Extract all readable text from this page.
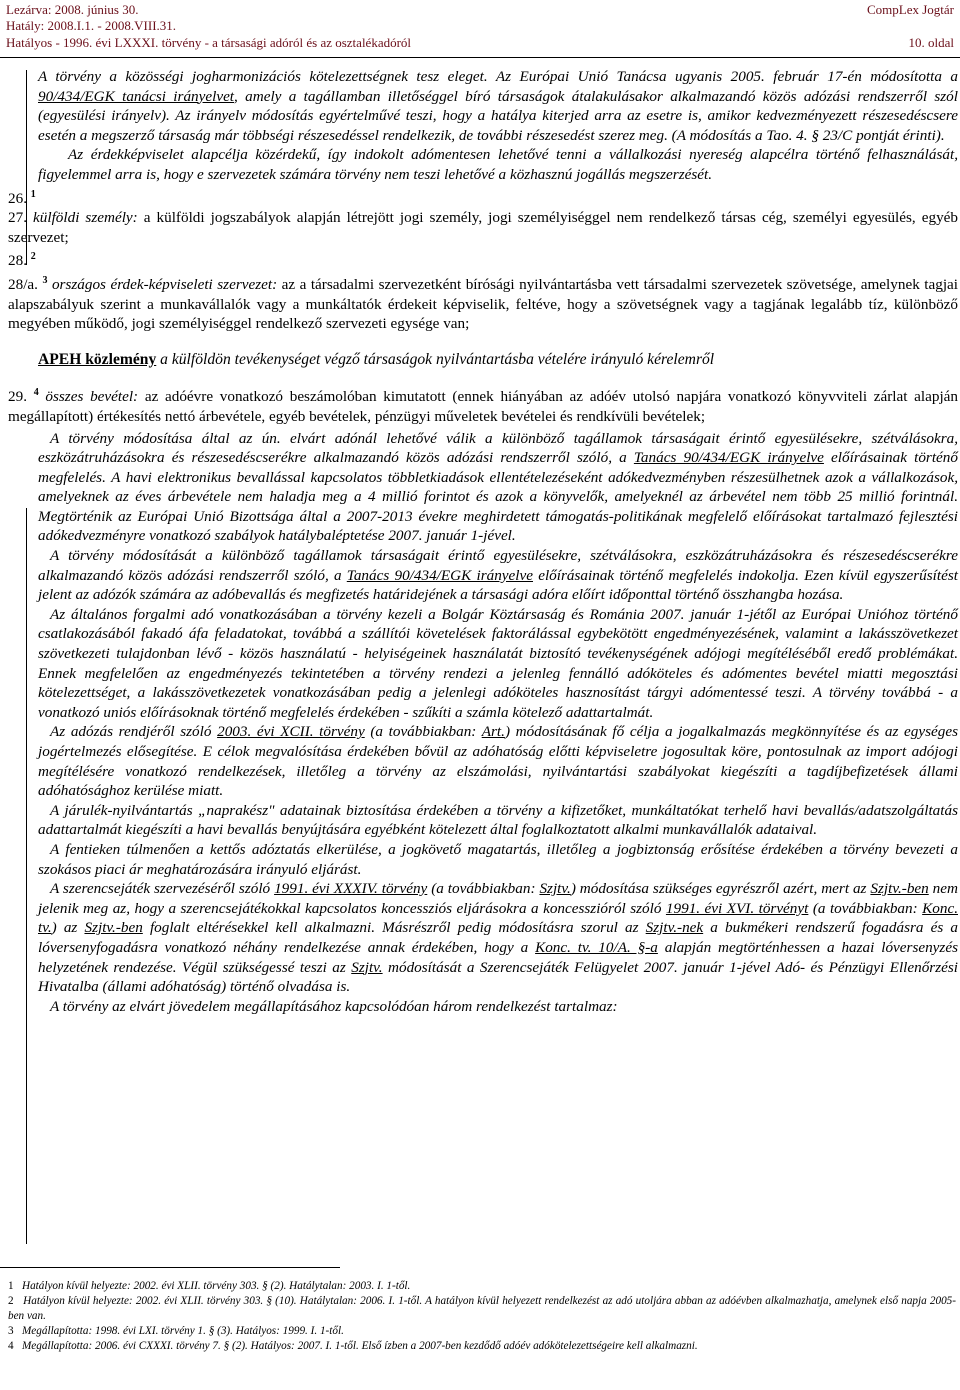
Lezárva: 2008. június 30.	CompLex Jogtár
Hatály: 2008.I.1. - 2008.VIII.31.
Hatályos - 1996. évi LXXXI. törvény - a társasági adóról és az osztalékadóról	10. oldal

A törvény a közösségi jogharmonizációs kötelezettségnek tesz eleget. Az Európai Unió Tanácsa ugyanis 2005. február 17-én módosította a 90/434/EGK tanácsi irányelvet, amely a tagállamban illetőséggel bíró társaságok átalakulásakor alkalmazandó közös adózási rendszerről szól (egyesülési irányelv). Az irányelv módosítás egyértelművé teszi, hogy a hatálya kiterjed arra az esetre is, amikor kedvezményezett részesedéscsere esetén a megszerző társaság már többségi részesedéssel rendelkezik, de további részesedést szerez meg. (A módosítás a Tao. 4. § 23/C pontját érinti).

Az érdekképviselet alapcélja közérdekű, így indokolt adómentesen lehetővé tenni a vállalkozási nyereség alapcélra történő felhasználását, figyelemmel arra is, hogy e szervezetek számára törvény nem teszi lehetővé a közhasznú jogállás megszerzését.

26. $^1$

27. külföldi személy: a külföldi jogszabályok alapján létrejött jogi személy, jogi személyiséggel nem rendelkező társas cég, személyi egyesülés, egyéb szervezet;

28. $^2$

28/a. $^3$ országos érdek-képviseleti szervezet: az a társadalmi szervezetként bírósági nyilvántartásba vett társadalmi szervezetek szövetsége, amelynek tagjai alapszabályuk szerint a munkavállalók vagy a munkáltatók érdekeit képviselik, feltéve, hogy a szövetségnek vagy a tagjának legalább tíz, különböző megyében működő, jogi személyiséggel rendelkező szervezeti egysége van;

APEH közlemény a külföldön tevékenységet végző társaságok nyilvántartásba vételére irányuló kérelemről

29. $^4$ összes bevétel: az adóévre vonatkozó beszámolóban kimutatott (ennek hiányában az adóév utolsó napjára vonatkozó könyvviteli zárlat alapján megállapított) értékesítés nettó árbevétele, egyéb bevételek, pénzügyi műveletek bevételei és rendkívüli bevételek;

A törvény módosítása által az ún. elvárt adónál lehetővé válik a különböző tagállamok társaságait érintő egyesülésekre, szétválásokra, eszközátruházásokra és részesedéscserékre alkalmazandó közös adózási rendszerről szóló, a Tanács 90/434/EGK irányelve előírásainak történő megfelelés. A havi elektronikus bevallással kapcsolatos többletkiadások ellentételezéseként adókedvezményben részesülhetnek azok a vállalkozások, amelyeknek az éves árbevétele nem haladja meg a 4 millió forintot és azok a könyvelők, amelyeknél az árbevétel nem több 25 millió forintnál. Megtörténik az Európai Unió Bizottsága által a 2007-2013 évekre meghirdetett támogatás-politikának megfelelő előírásokat tartalmazó fejlesztési adókedvezményre vonatkozó szabályok hatálybaléptetése 2007. január 1-jével.

A törvény módosítását a különböző tagállamok társaságait érintő egyesülésekre, szétválásokra, eszközátruházásokra és részesedéscserékre alkalmazandó közös adózási rendszerről szóló, a Tanács 90/434/EGK irányelve előírásainak történő megfelelés indokolja. Ezen kívül egyszerűsítést jelent az adózók számára az adóbevallás és megfizetés határidejének a társasági adóra előírt időponttal történő összhangba hozása.

Az általános forgalmi adó vonatkozásában a törvény kezeli a Bolgár Köztársaság és Románia 2007. január 1-jétől az Európai Unióhoz történő csatlakozásából fakadó áfa feladatokat, továbbá a szállítói követelések faktorálással egybekötött engedményezésének, valamint a lakásszövetkezet szövetkezeti tulajdonban lévő - közös használatú - helyiségeinek használatát biztosító tevékenységének adójogi megítéléséből eredő problémákat. Ennek megfelelően az engedményezés tekintetében a törvény rendezi a jelenleg fennálló adóköteles és adómentes bevétel miatti megosztási kötelezettséget, a lakásszövetkezetek vonatkozásában pedig a jelenlegi adóköteles hasznosítást tárgyi adómentessé teszi. A törvény továbbá - a vonatkozó uniós előírásoknak történő megfelelés érdekében - szűkíti a számla kötelező adattartalmát.

Az adózás rendjéről szóló 2003. évi XCII. törvény (a továbbiakban: Art.) módosításának fő célja a jogalkalmazás megkönnyítése és az egységes jogértelmezés elősegítése. E célok megvalósítása érdekében bővül az adóhatóság előtti képviseletre jogosultak köre, pontosulnak az import adójogi megítélésére vonatkozó rendelkezések, illetőleg a törvény az elszámolási, nyilvántartási szabályokat kiegészíti a tagdíjbefizetések állami adóhatósághoz kerülése miatt.

A járulék-nyilvántartás „naprakész" adatainak biztosítása érdekében a törvény a kifizetőket, munkáltatókat terhelő havi bevallás/adatszolgáltatás adattartalmát kiegészíti a havi bevallás benyújtására egyébként kötelezett által foglalkoztatott alkalmi munkavállalók adataival.

A fentieken túlmenően a kettős adóztatás elkerülése, a jogkövető magatartás, illetőleg a jogbiztonság erősítése érdekében a törvény bevezeti a szokásos piaci ár meghatározására irányuló eljárást.

A szerencsejáték szervezéséről szóló 1991. évi XXXIV. törvény (a továbbiakban: Szjtv.) módosítása szükséges egyrészről azért, mert az Szjtv.-ben nem jelenik meg az, hogy a szerencsejátékokkal kapcsolatos koncessziós eljárásokra a koncesszióról szóló 1991. évi XVI. törvényt (a továbbiakban: Konc. tv.) az Szjtv.-ben foglalt eltérésekkel kell alkalmazni. Másrészről pedig módosításra szorul az Szjtv.-nek a bukmékeri rendszerű fogadásra és a lóversenyfogadásra vonatkozó néhány rendelkezése annak érdekében, hogy a Konc. tv. 10/A. §-a alapján megtörténhessen a hazai lóversenyzés helyzetének rendezése. Végül szükségessé teszi az Szjtv. módosítását a Szerencsejáték Felügyelet 2007. január 1-jével Adó- és Pénzügyi Ellenőrzési Hivatalba (állami adóhatóság) történő olvadása is.

A törvény az elvárt jövedelem megállapításához kapcsolódóan három rendelkezést tartalmaz:

1 Hatályon kívül helyezte: 2002. évi XLII. törvény 303. § (2). Hatálytalan: 2003. I. 1-től.

2 Hatályon kívül helyezte: 2002. évi XLII. törvény 303. § (10). Hatálytalan: 2006. I. 1-től. A hatályon kívül helyezett rendelkezést az adó utoljára abban az adóévben alkalmazhatja, amelynek első napja 2005-ben van.

3 Megállapította: 1998. évi LXI. törvény 1. § (3). Hatályos: 1999. I. 1-től.

4 Megállapította: 2006. évi CXXXI. törvény 7. § (2). Hatályos: 2007. I. 1-től. Első ízben a 2007-ben kezdődő adóév adókötelezettségeire kell alkalmazni.
